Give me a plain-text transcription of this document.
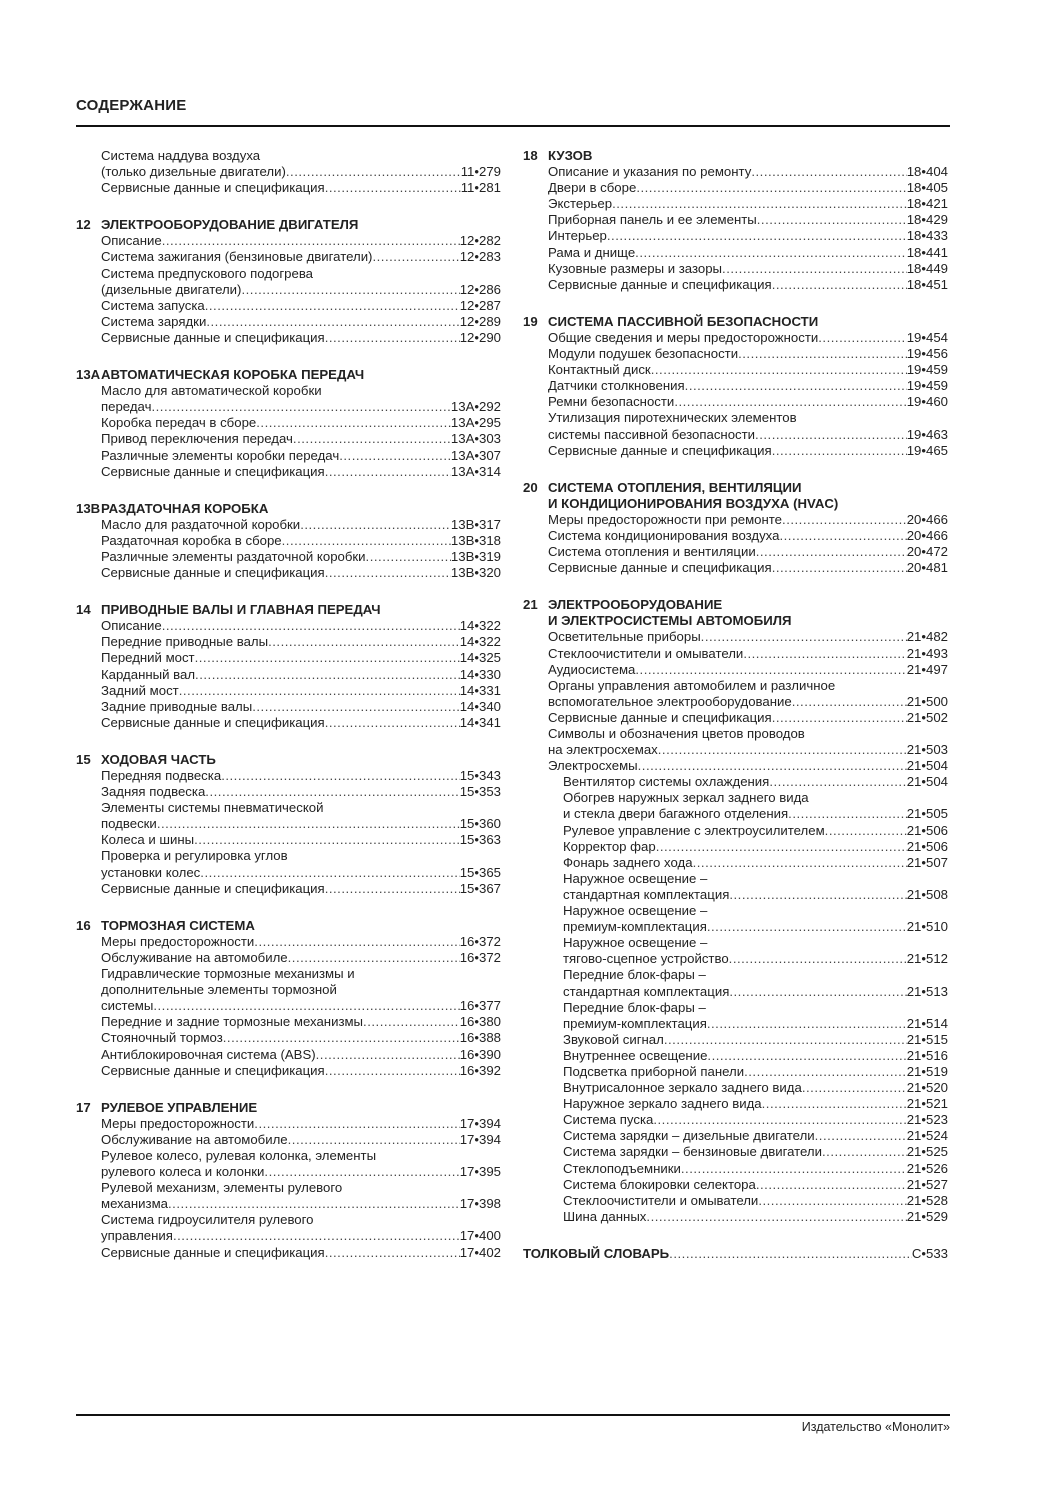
СОДЕРЖАНИЕ
Система наддува воздуха
(только дизельные двигатели) .....	11•279
Сервисные данные и спецификация .....	11•281
12 ЭЛЕКТРООБОРУДОВАНИЕ ДВИГАТЕЛЯ
Описание .....	12•282
Система зажигания (бензиновые двигатели) .....	12•283
Система предпускового подогрева
(дизельные двигатели) .....	12•286
Система запуска .....	12•287
Система зарядки .....	12•289
Сервисные данные и спецификация .....	12•290
13A АВТОМАТИЧЕСКАЯ КОРОБКА ПЕРЕДАЧ
Масло для автоматической коробки
передач .....	13A•292
Коробка передач в сборе .....	13A•295
Привод переключения передач .....	13A•303
Различные элементы коробки передач .....	13A•307
Сервисные данные и спецификация .....	13A•314
13B РАЗДАТОЧНАЯ КОРОБКА
Масло для раздаточной коробки .....	13B•317
Раздаточная коробка в сборе .....	13B•318
Различные элементы раздаточной коробки .....	13B•319
Сервисные данные и спецификация .....	13B•320
14 ПРИВОДНЫЕ ВАЛЫ И ГЛАВНАЯ ПЕРЕДАЧ
Описание .....	14•322
Передние приводные валы .....	14•322
Передний мост .....	14•325
Карданный вал .....	14•330
Задний мост .....	14•331
Задние приводные валы .....	14•340
Сервисные данные и спецификация .....	14•341
15 ХОДОВАЯ ЧАСТЬ
Передняя подвеска .....	15•343
Задняя подвеска .....	15•353
Элементы системы пневматической
подвески .....	15•360
Колеса и шины .....	15•363
Проверка и регулировка углов
установки колес .....	15•365
Сервисные данные и спецификация .....	15•367
16 ТОРМОЗНАЯ СИСТЕМА
Меры предосторожности .....	16•372
Обслуживание на автомобиле .....	16•372
Гидравлические тормозные механизмы и
дополнительные элементы тормозной
системы .....	16•377
Передние и задние тормозные механизмы .....	16•380
Стояночный тормоз .....	16•388
Антиблокировочная система (ABS) .....	16•390
Сервисные данные и спецификация .....	16•392
17 РУЛЕВОЕ УПРАВЛЕНИЕ
Меры предосторожности .....	17•394
Обслуживание на автомобиле .....	17•394
Рулевое колесо, рулевая колонка, элементы
рулевого колеса и колонки .....	17•395
Рулевой механизм, элементы рулевого
механизма .....	17•398
Система гидроусилителя рулевого
управления .....	17•400
Сервисные данные и спецификация .....	17•402
18 КУЗОВ
Описание и указания по ремонту .....	18•404
Двери в сборе .....	18•405
Экстерьер .....	18•421
Приборная панель и ее элементы .....	18•429
Интерьер .....	18•433
Рама и днище .....	18•441
Кузовные размеры и зазоры .....	18•449
Сервисные данные и спецификация .....	18•451
19 СИСТЕМА ПАССИВНОЙ БЕЗОПАСНОСТИ
Общие сведения и меры предосторожности .....	19•454
Модули подушек безопасности .....	19•456
Контактный диск .....	19•459
Датчики столкновения .....	19•459
Ремни безопасности .....	19•460
Утилизация пиротехнических элементов
системы пассивной безопасности .....	19•463
Сервисные данные и спецификация .....	19•465
20 СИСТЕМА ОТОПЛЕНИЯ, ВЕНТИЛЯЦИИ
И КОНДИЦИОНИРОВАНИЯ ВОЗДУХА (HVAC)
Меры предосторожности при ремонте .....	20•466
Система кондиционирования воздуха .....	20•466
Система отопления и вентиляции .....	20•472
Сервисные данные и спецификация .....	20•481
21 ЭЛЕКТРООБОРУДОВАНИЕ
И ЭЛЕКТРОСИСТЕМЫ АВТОМОБИЛЯ
Осветительные приборы .....	21•482
Стеклоочистители и омыватели .....	21•493
Аудиосистема .....	21•497
Органы управления автомобилем и различное
вспомогательное электрооборудование .....	21•500
Сервисные данные и спецификация .....	21•502
Символы и обозначения цветов проводов
на электросхемах .....	21•503
Электросхемы .....	21•504
Вентилятор системы охлаждения .....	21•504
Обогрев наружных зеркал заднего вида
и стекла двери багажного отделения .....	21•505
Рулевое управление с электроусилителем .....	21•506
Корректор фар .....	21•506
Фонарь заднего хода .....	21•507
Наружное освещение –
стандартная комплектация .....	21•508
Наружное освещение –
премиум-комплектация .....	21•510
Наружное освещение –
тягово-сцепное устройство .....	21•512
Передние блок-фары –
стандартная комплектация .....	21•513
Передние блок-фары –
премиум-комплектация .....	21•514
Звуковой сигнал .....	21•515
Внутреннее освещение .....	21•516
Подсветка приборной панели .....	21•519
Внутрисалонное зеркало заднего вида .....	21•520
Наружное зеркало заднего вида .....	21•521
Система пуска .....	21•523
Система зарядки – дизельные двигатели .....	21•524
Система зарядки – бензиновые двигатели .....	21•525
Стеклоподъемники .....	21•526
Система блокировки селектора .....	21•527
Стеклоочистители и омыватели .....	21•528
Шина данных .....	21•529
ТОЛКОВЫЙ СЛОВАРЬ .....	C•533
Издательство «Монолит»
